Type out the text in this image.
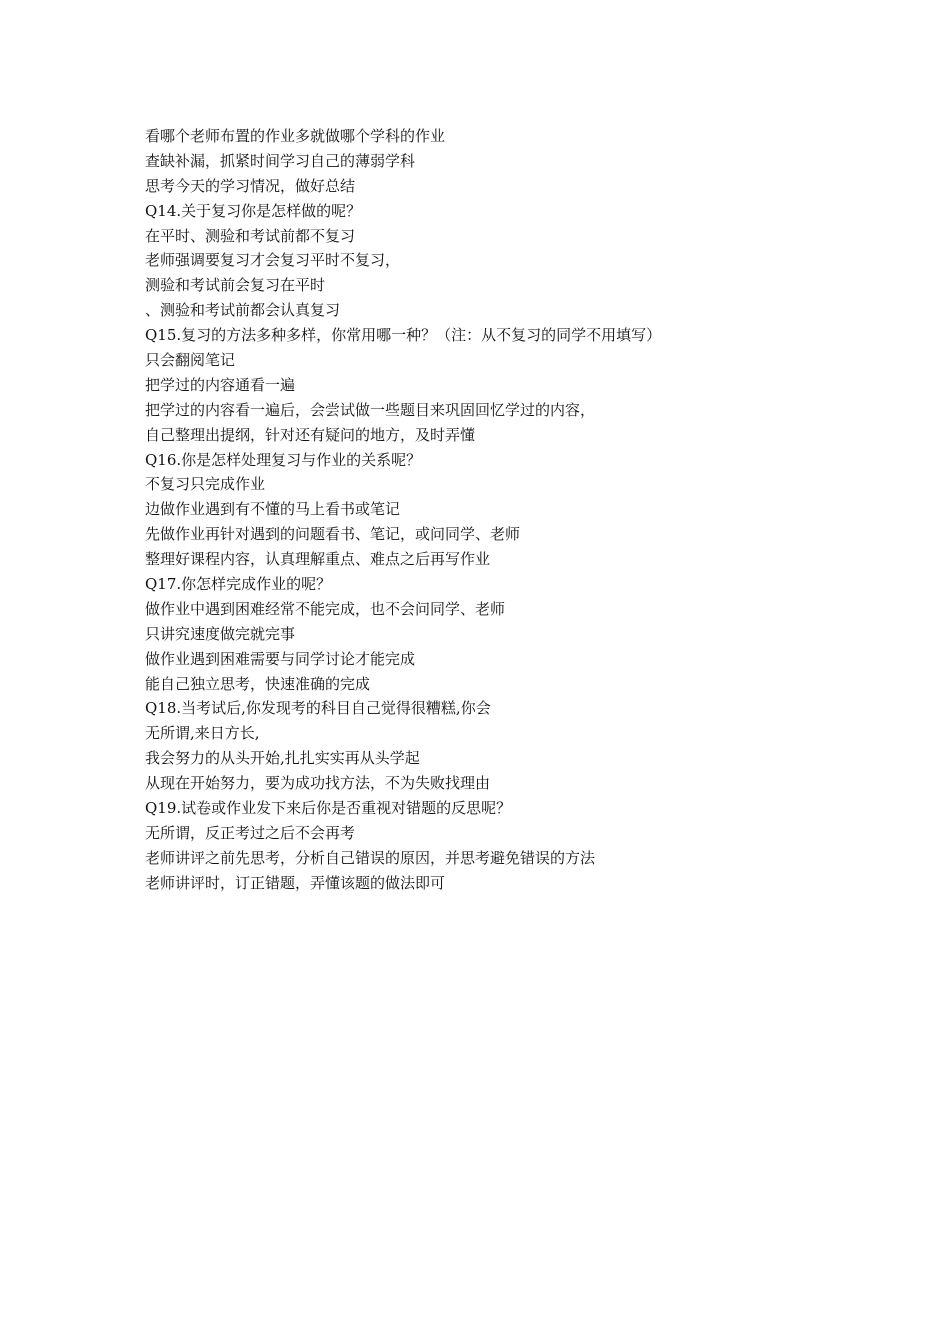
看哪个老师布置的作业多就做哪个学科的作业
查缺补漏，抓紧时间学习自己的薄弱学科
思考今天的学习情况，做好总结
Q14.关于复习你是怎样做的呢？
在平时、测验和考试前都不复习
老师强调要复习才会复习平时不复习，
测验和考试前会复习在平时
、测验和考试前都会认真复习
Q15.复习的方法多种多样，你常用哪一种？（注：从不复习的同学不用填写）
只会翻阅笔记
把学过的内容通看一遍
把学过的内容看一遍后，会尝试做一些题目来巩固回忆学过的内容，
自己整理出提纲，针对还有疑问的地方，及时弄懂
Q16.你是怎样处理复习与作业的关系呢？
不复习只完成作业
边做作业遇到有不懂的马上看书或笔记
先做作业再针对遇到的问题看书、笔记，或问同学、老师
整理好课程内容，认真理解重点、难点之后再写作业
Q17.你怎样完成作业的呢？
做作业中遇到困难经常不能完成，也不会问同学、老师
只讲究速度做完就完事
做作业遇到困难需要与同学讨论才能完成
能自己独立思考，快速准确的完成
Q18.当考试后,你发现考的科目自己觉得很糟糕,你会
无所谓,来日方长,
我会努力的从头开始,扎扎实实再从头学起
从现在开始努力，要为成功找方法，不为失败找理由
Q19.试卷或作业发下来后你是否重视对错题的反思呢？
无所谓，反正考过之后不会再考
老师讲评之前先思考，分析自己错误的原因，并思考避免错误的方法
老师讲评时，订正错题，弄懂该题的做法即可
